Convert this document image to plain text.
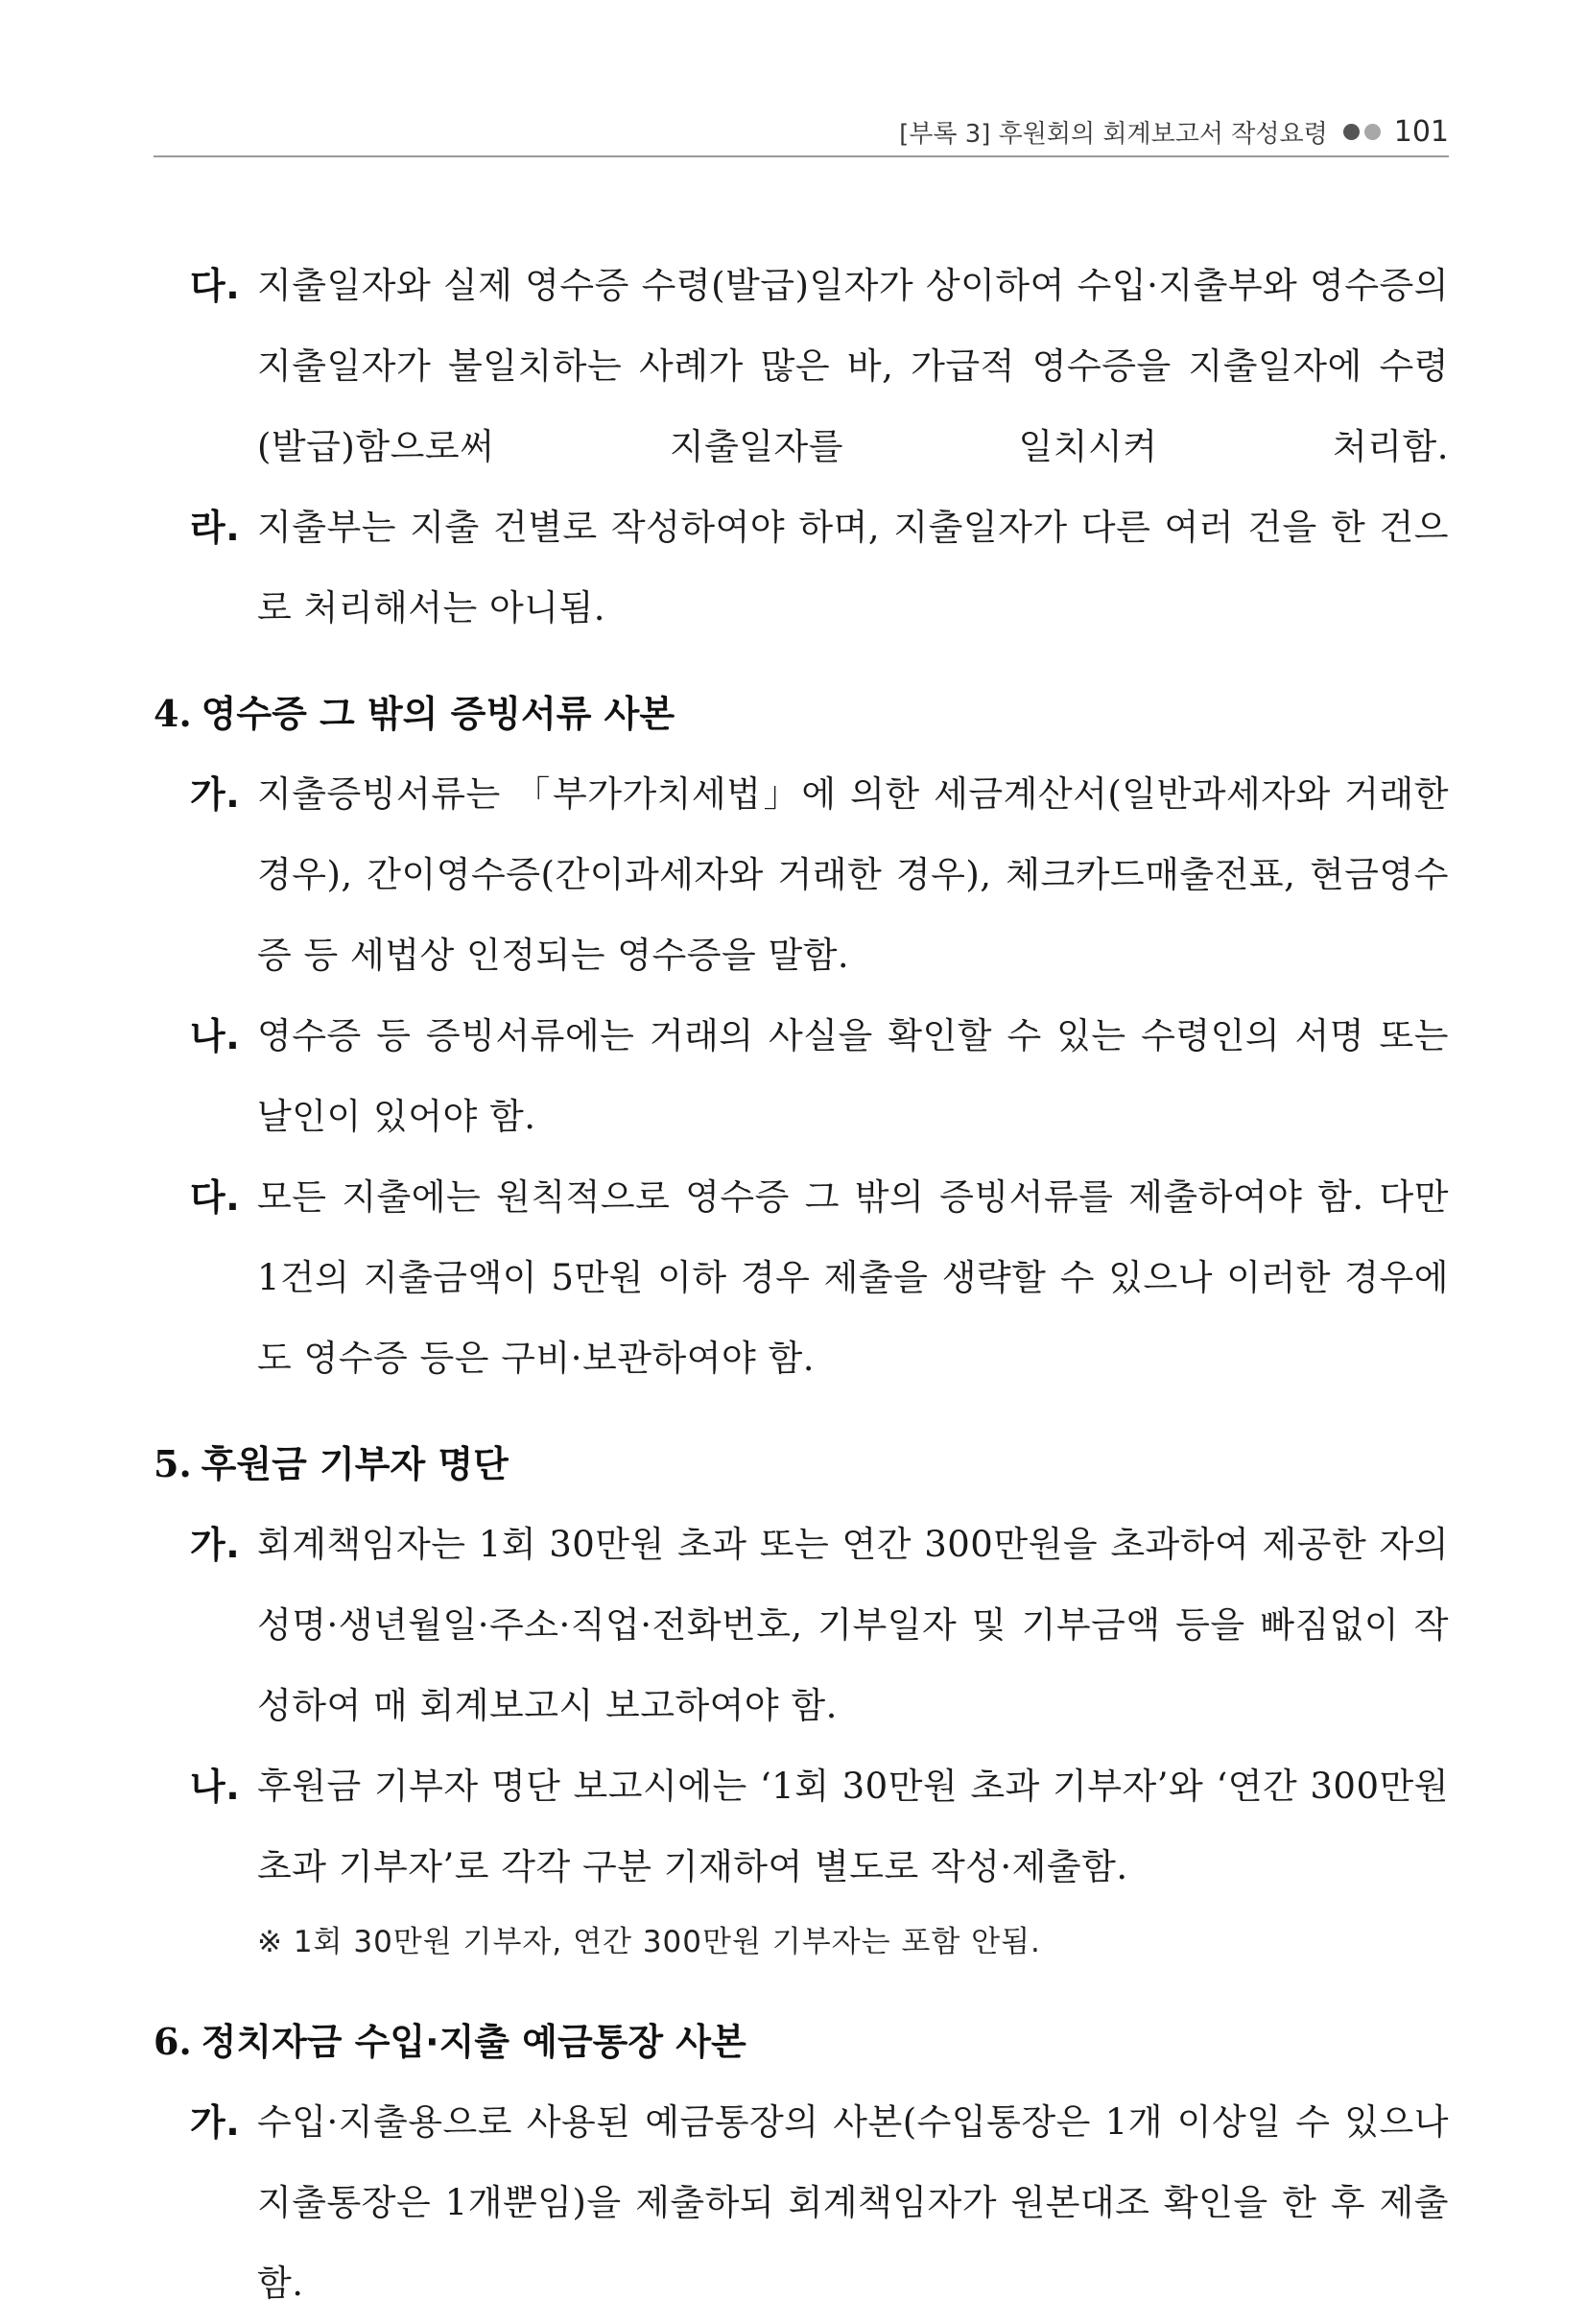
[부록 3] 후원회의 회계보고서 작성요령 101
다. 지출일자와 실제 영수증 수령(발급)일자가 상이하여 수입·지출부와 영수증의 지출일자가 불일치하는 사례가 많은 바, 가급적 영수증을 지출일자에 수령(발급)함으로써 지출일자를 일치시켜 처리함.
라. 지출부는 지출 건별로 작성하여야 하며, 지출일자가 다른 여러 건을 한 건으로 처리해서는 아니됨.
4. 영수증 그 밖의 증빙서류 사본
가. 지출증빙서류는 「부가가치세법」에 의한 세금계산서(일반과세자와 거래한 경우), 간이영수증(간이과세자와 거래한 경우), 체크카드매출전표, 현금영수증 등 세법상 인정되는 영수증을 말함.
나. 영수증 등 증빙서류에는 거래의 사실을 확인할 수 있는 수령인의 서명 또는 날인이 있어야 함.
다. 모든 지출에는 원칙적으로 영수증 그 밖의 증빙서류를 제출하여야 함. 다만 1건의 지출금액이 5만원 이하 경우 제출을 생략할 수 있으나 이러한 경우에도 영수증 등은 구비·보관하여야 함.
5. 후원금 기부자 명단
가. 회계책임자는 1회 30만원 초과 또는 연간 300만원을 초과하여 제공한 자의 성명·생년월일·주소·직업·전화번호, 기부일자 및 기부금액 등을 빠짐없이 작성하여 매 회계보고시 보고하여야 함.
나. 후원금 기부자 명단 보고시에는 ‘1회 30만원 초과 기부자’와 ‘연간 300만원 초과 기부자’로 각각 구분 기재하여 별도로 작성·제출함.
※ 1회 30만원 기부자, 연간 300만원 기부자는 포함 안됨.
6. 정치자금 수입·지출 예금통장 사본
가. 수입·지출용으로 사용된 예금통장의 사본(수입통장은 1개 이상일 수 있으나 지출통장은 1개뿐임)을 제출하되 회계책임자가 원본대조 확인을 한 후 제출함.
